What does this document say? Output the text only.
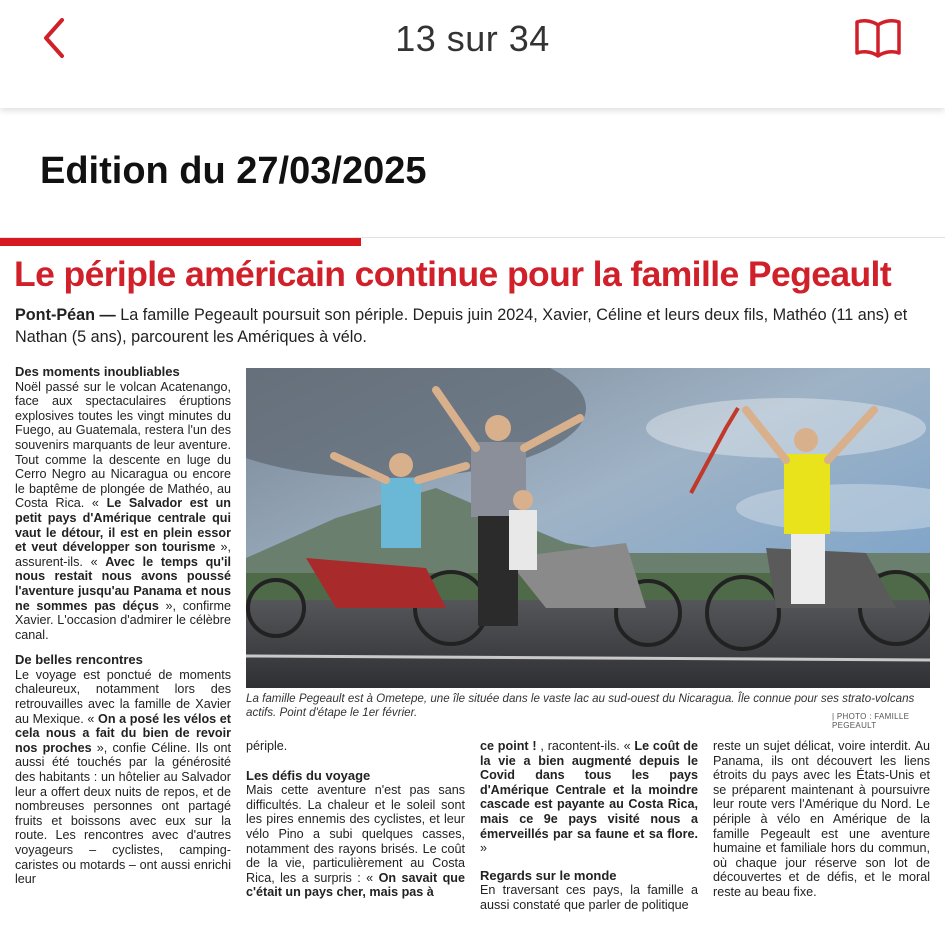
13 sur 34
Edition du 27/03/2025
Le périple américain continue pour la famille Pegeault
Pont-Péan — La famille Pegeault poursuit son périple. Depuis juin 2024, Xavier, Céline et leurs deux fils, Mathéo (11 ans) et Nathan (5 ans), parcourent les Amériques à vélo.
Des moments inoubliables

Noël passé sur le volcan Acatenango, face aux spectaculaires éruptions explosives toutes les vingt minutes du Fuego, au Guatemala, restera l'un des souvenirs marquants de leur aventure. Tout comme la descente en luge du Cerro Negro au Nicaragua ou encore le baptême de plongée de Mathéo, au Costa Rica. « Le Salvador est un petit pays d'Amérique centrale qui vaut le détour, il est en plein essor et veut développer son tourisme », assurent-ils. « Avec le temps qu'il nous restait nous avons poussé l'aventure jusqu'au Panama et nous ne sommes pas déçus », confirme Xavier. L'occasion d'admirer le célèbre canal.

De belles rencontres

Le voyage est ponctué de moments chaleureux, notamment lors des retrouvailles avec la famille de Xavier au Mexique. « On a posé les vélos et cela nous a fait du bien de revoir nos proches », confie Céline. Ils ont aussi été touchés par la générosité des habitants : un hôtelier au Salvador leur a offert deux nuits de repos, et de nombreuses personnes ont partagé fruits et boissons avec eux sur la route. Les rencontres avec d'autres voyageurs – cyclistes, camping-caristes ou motards – ont aussi enrichi leur

La famille Pegeault est à Ometepe, une île située dans le vaste lac au sud-ouest du Nicaragua. Île connue pour ses strato-volcans actifs. Point d'étape le 1er février.	| PHOTO : FAMILLE PEGEAULT

périple.

Les défis du voyage

Mais cette aventure n'est pas sans difficultés. La chaleur et le soleil sont les pires ennemis des cyclistes, et leur vélo Pino a subi quelques casses, notamment des rayons brisés. Le coût de la vie, particulièrement au Costa Rica, les a surpris : « On savait que c'était un pays cher, mais pas à

ce point ! , racontent-ils. « Le coût de la vie a bien augmenté depuis le Covid dans tous les pays d'Amérique Centrale et la moindre cascade est payante au Costa Rica, mais ce 9e pays visité nous a émerveillés par sa faune et sa flore. »

Regards sur le monde

En traversant ces pays, la famille a aussi constaté que parler de politique

reste un sujet délicat, voire interdit. Au Panama, ils ont découvert les liens étroits du pays avec les États-Unis et se préparent maintenant à poursuivre leur route vers l'Amérique du Nord. Le périple à vélo en Amérique de la famille Pegeault est une aventure humaine et familiale hors du commun, où chaque jour réserve son lot de découvertes et de défis, et le moral reste au beau fixe.
